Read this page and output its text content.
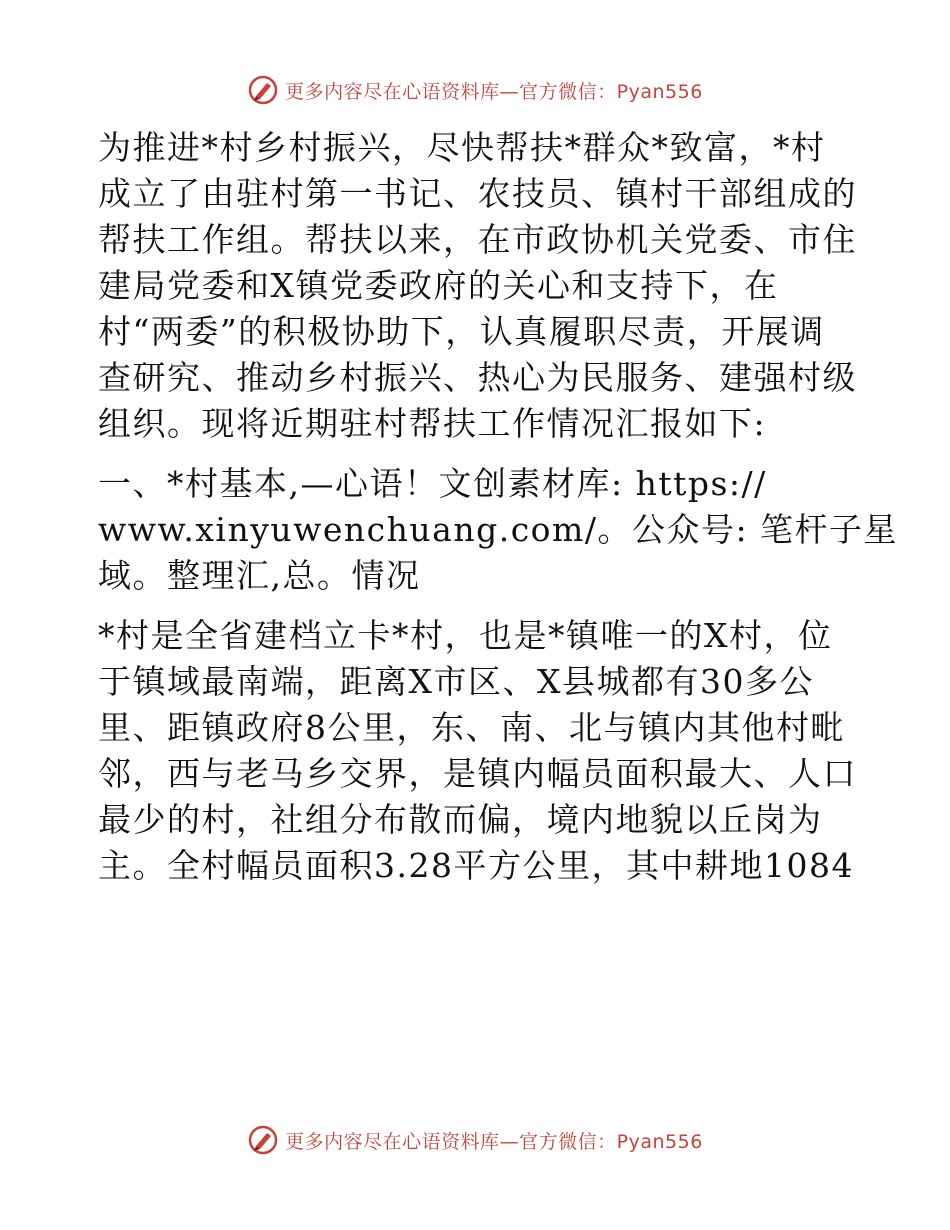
更多内容尽在心语资料库—官方微信：Pyan556

为推进*村乡村振兴，尽快帮扶*群众*致富，*村
成立了由驻村第一书记、农技员、镇村干部组成的
帮扶工作组。帮扶以来，在市政协机关党委、市住
建局党委和X镇党委政府的关心和支持下，在
村“两委”的积极协助下，认真履职尽责，开展调
查研究、推动乡村振兴、热心为民服务、建强村级
组织。现将近期驻村帮扶工作情况汇报如下:

一、*村基本,—心语！文创素材库: https://
www.xinyuwenchuang.com/。公众号: 笔杆子星
域。整理汇,总。情况

*村是全省建档立卡*村，也是*镇唯一的X村，位
于镇域最南端，距离X市区、X县城都有30多公
里、距镇政府8公里，东、南、北与镇内其他村毗
邻，西与老马乡交界，是镇内幅员面积最大、人口
最少的村，社组分布散而偏，境内地貌以丘岗为
主。全村幅员面积3.28平方公里，其中耕地1084

更多内容尽在心语资料库—官方微信：Pyan556
